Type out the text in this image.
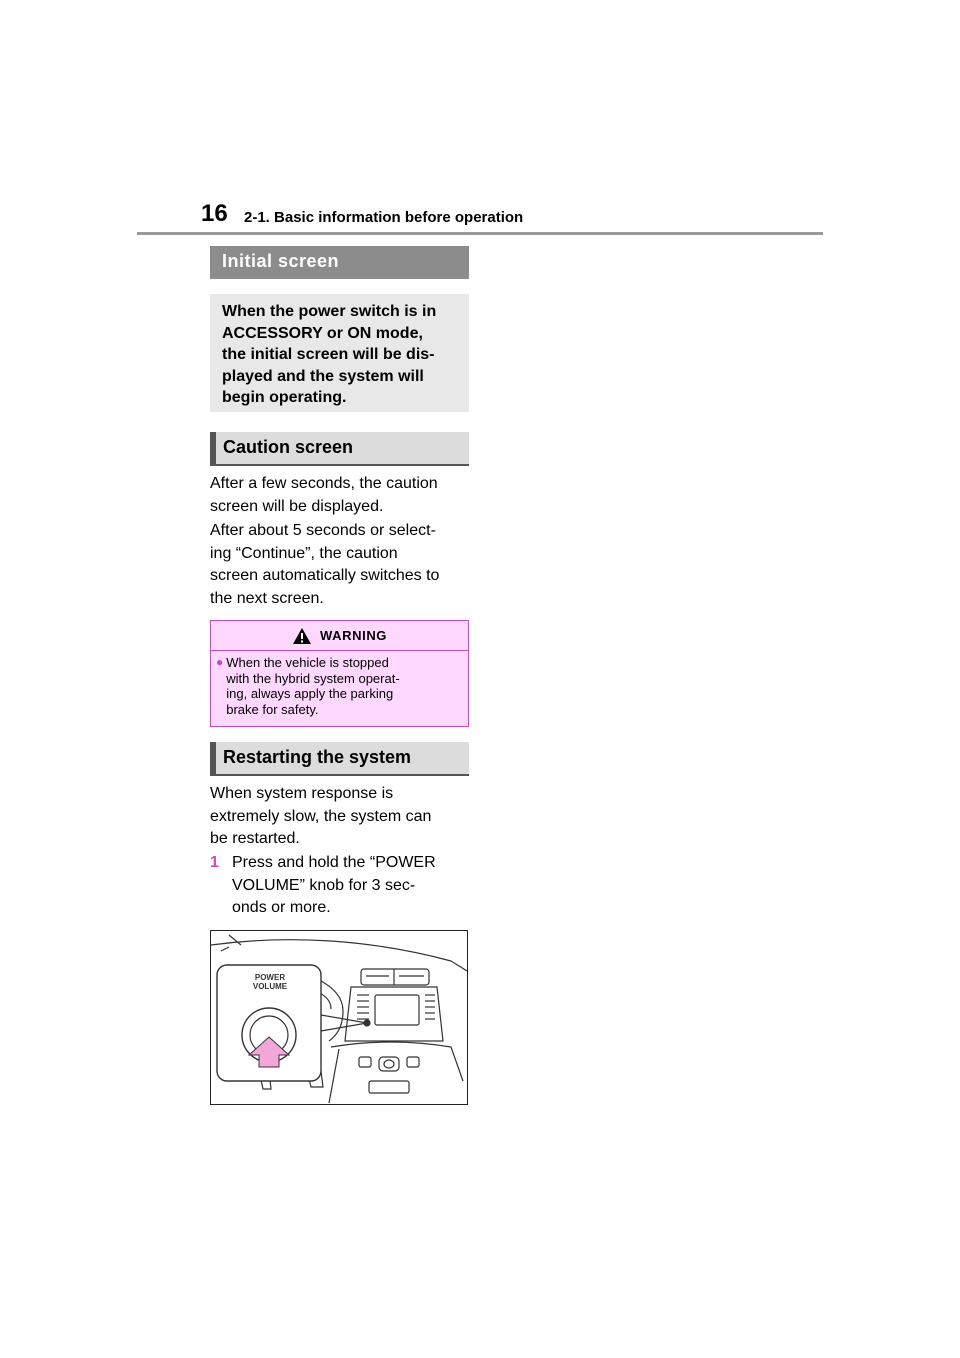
16 2-1. Basic information before operation
Initial screen
When the power switch is in
ACCESSORY or ON mode,
the initial screen will be dis-
played and the system will
begin operating.
Caution screen
After a few seconds, the caution
screen will be displayed.
After about 5 seconds or select-
ing “Continue”, the caution
screen automatically switches to
the next screen.
WARNING
● When the vehicle is stopped
with the hybrid system operat-
ing, always apply the parking
brake for safety.
Restarting the system
When system response is
extremely slow, the system can
be restarted.
1 Press and hold the “POWER
VOLUME” knob for 3 sec-
onds or more.
POWER
VOLUME
